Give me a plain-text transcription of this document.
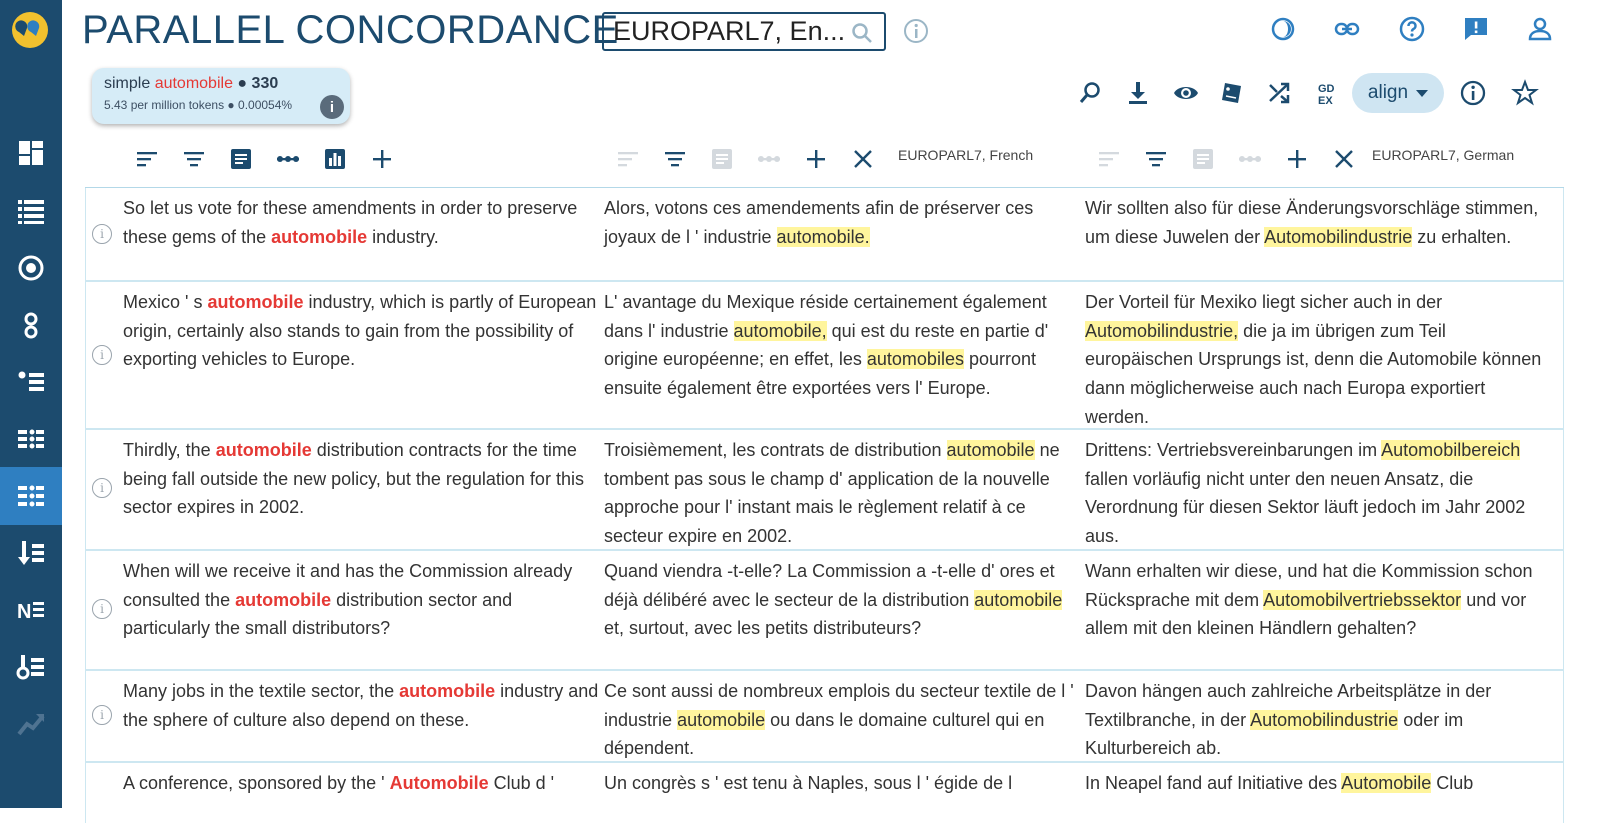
N
PARALLEL CONCORDANCE
EUROPARL7, En...
simple automobile ● 330
5.43 per million tokens ● 0.00054%	i
GD
EX align
EUROPARL7, French	EUROPARL7, German
i
So let us vote for these amendments in order to preserve these gems of the automobile industry.
Alors, votons ces amendements afin de préserver ces joyaux de l ' industrie automobile.
Wir sollten also für diese Änderungsvorschläge stimmen, um diese Juwelen der Automobilindustrie zu erhalten.
i
Mexico ' s automobile industry, which is partly of European origin, certainly also stands to gain from the possibility of exporting vehicles to Europe.
L' avantage du Mexique réside certainement également dans l' industrie automobile, qui est du reste en partie d' origine européenne; en effet, les automobiles pourront ensuite également être exportées vers l' Europe.
Der Vorteil für Mexiko liegt sicher auch in der Automobilindustrie, die ja im übrigen zum Teil europäischen Ursprungs ist, denn die Automobile können dann möglicherweise auch nach Europa exportiert werden.
i
Thirdly, the automobile distribution contracts for the time being fall outside the new policy, but the regulation for this sector expires in 2002.
Troisièmement, les contrats de distribution automobile ne tombent pas sous le champ d' application de la nouvelle approche pour l' instant mais le règlement relatif à ce secteur expire en 2002.
Drittens: Vertriebsvereinbarungen im Automobilbereich fallen vorläufig nicht unter den neuen Ansatz, die Verordnung für diesen Sektor läuft jedoch im Jahr 2002 aus.
i
When will we receive it and has the Commission already consulted the automobile distribution sector and particularly the small distributors?
Quand viendra -t-elle? La Commission a -t-elle d' ores et déjà délibéré avec le secteur de la distribution automobile et, surtout, avec les petits distributeurs?
Wann erhalten wir diese, und hat die Kommission schon Rücksprache mit dem Automobilvertriebssektor und vor allem mit den kleinen Händlern gehalten?
i
Many jobs in the textile sector, the automobile industry and the sphere of culture also depend on these.
Ce sont aussi de nombreux emplois du secteur textile de l ' industrie automobile ou dans le domaine culturel qui en dépendent.
Davon hängen auch zahlreiche Arbeitsplätze in der Textilbranche, in der Automobilindustrie oder im Kulturbereich ab.
A conference, sponsored by the ' Automobile Club d '	Un congrès s ' est tenu à Naples, sous l ' égide de l	In Neapel fand auf Initiative des Automobile Club
